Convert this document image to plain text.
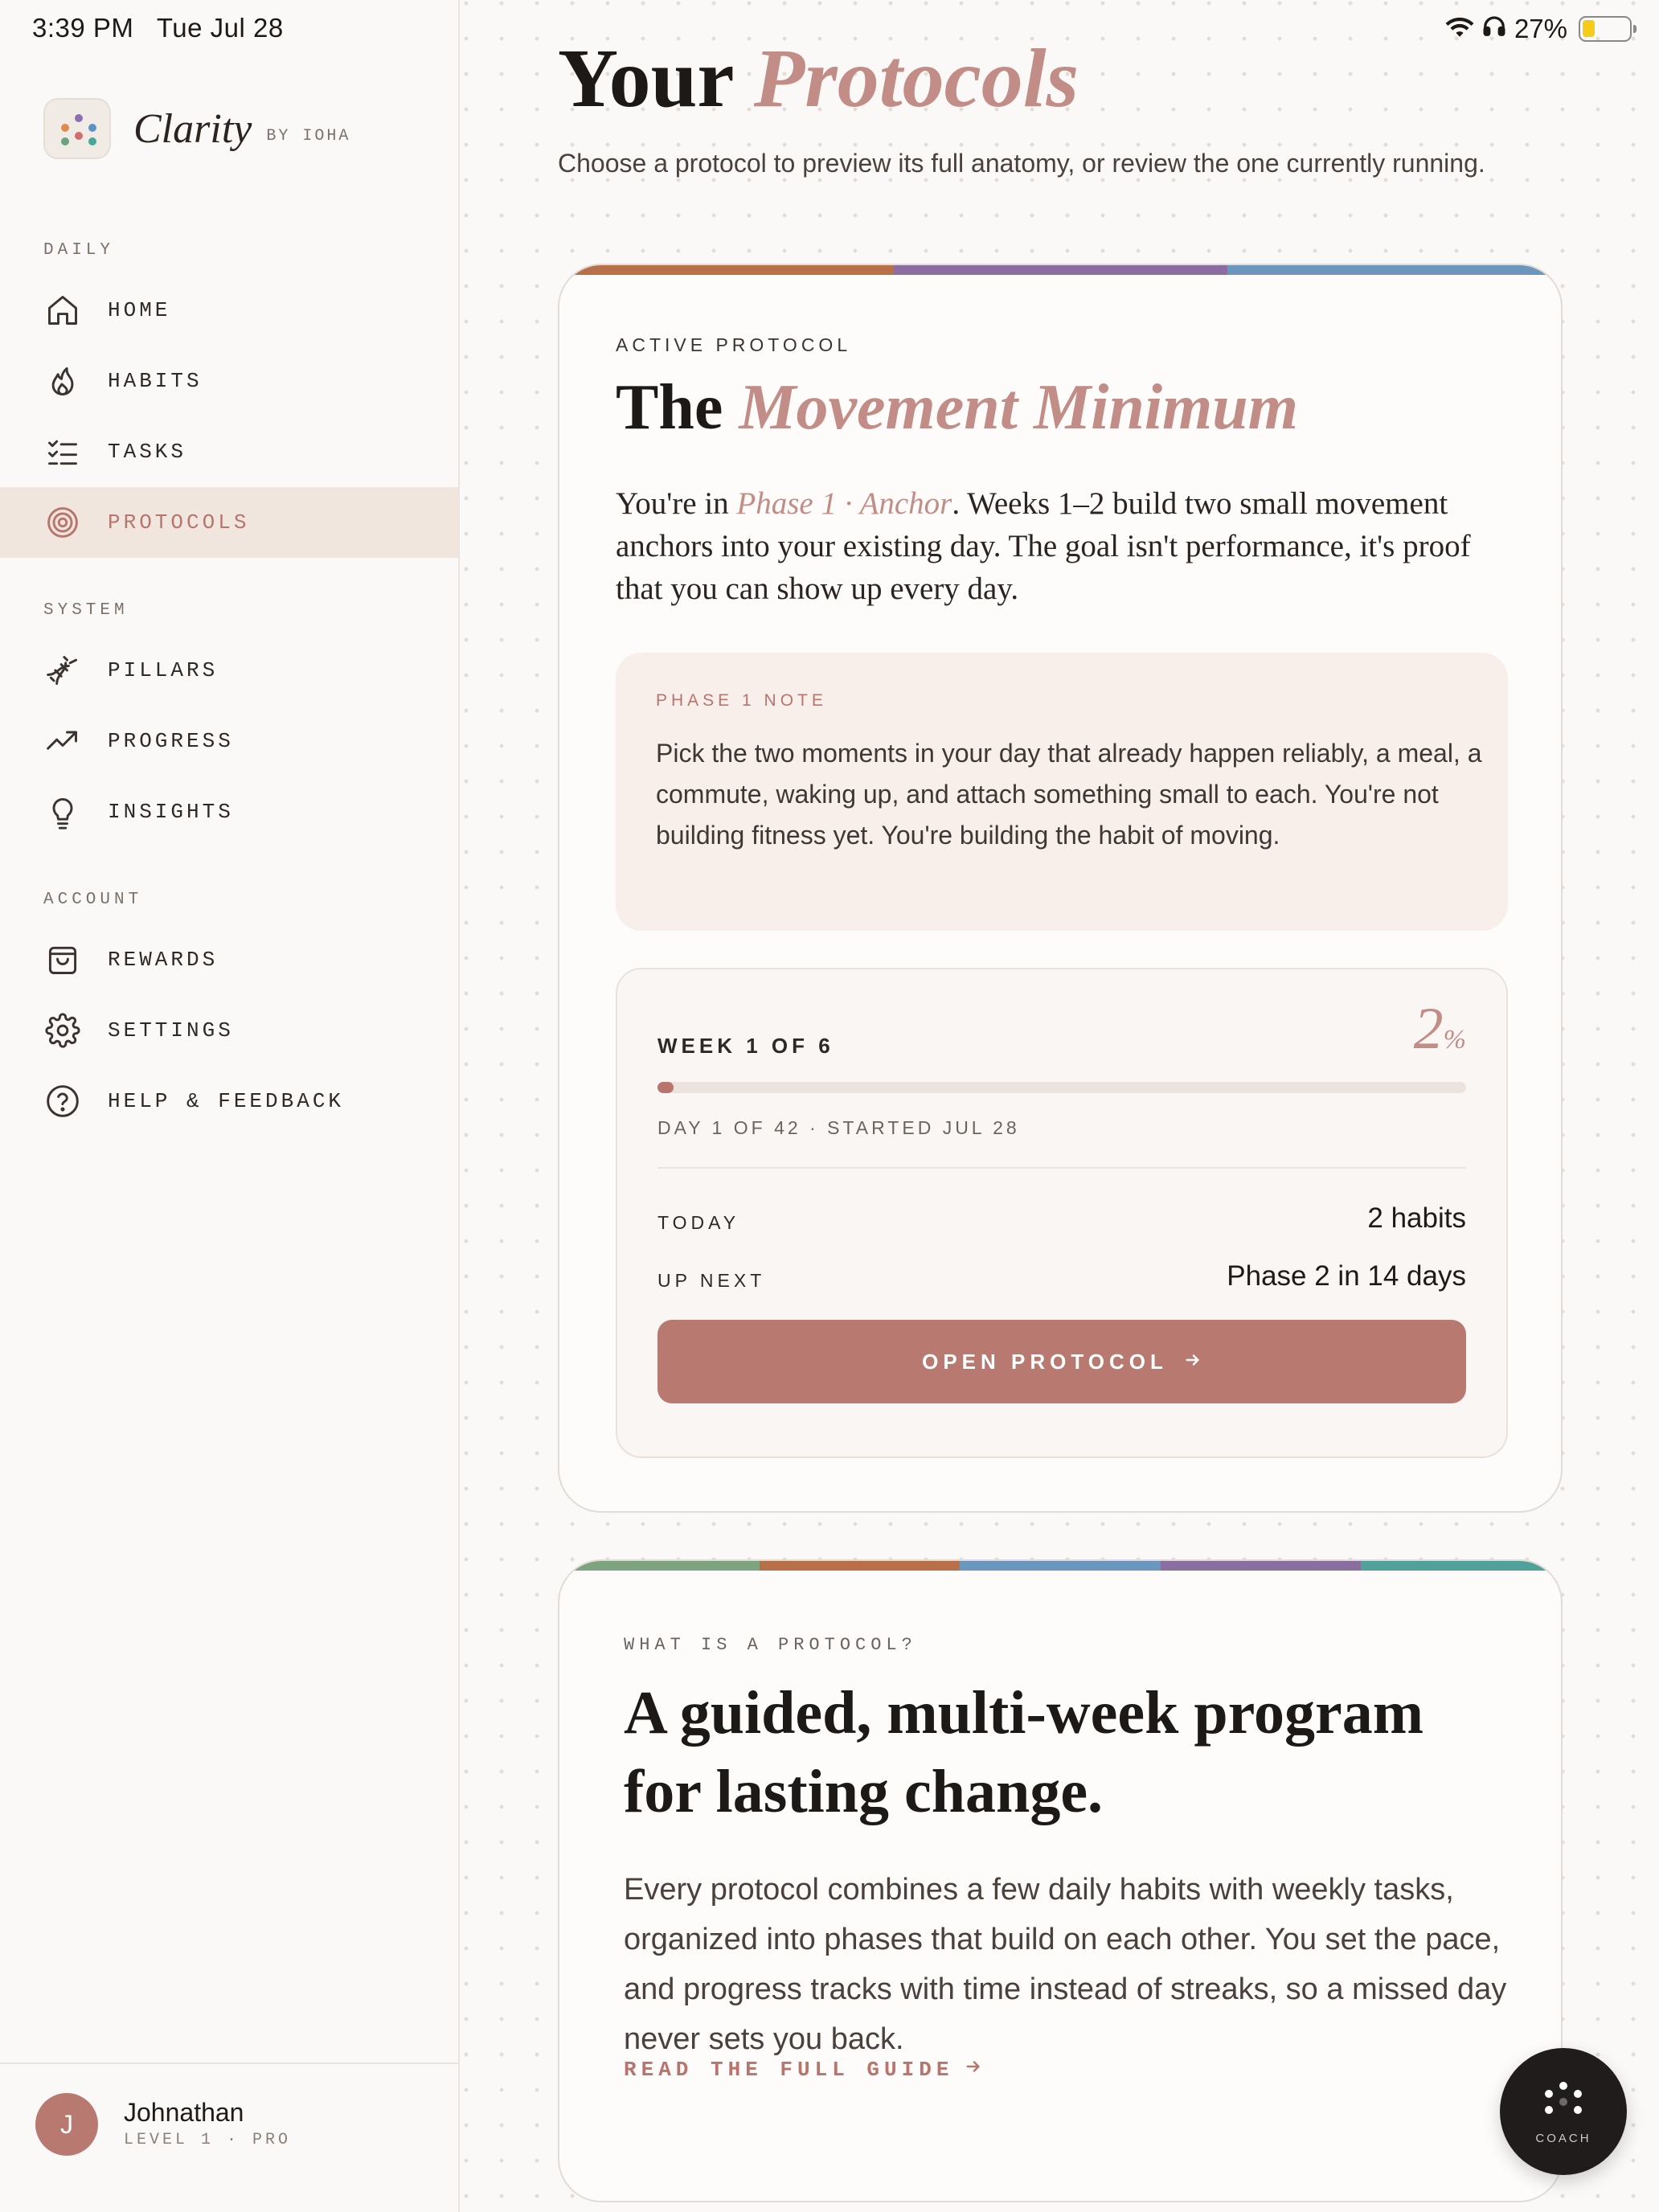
3:39 PM Tue Jul 28
Clarity BY IOHA
DAILY
HOME
HABITS
TASKS
PROTOCOLS
SYSTEM
PILLARS
PROGRESS
INSIGHTS
ACCOUNT
REWARDS
SETTINGS
HELP & FEEDBACK
J	Johnathan
LEVEL 1 · PRO
27%
Your Protocols

Choose a protocol to preview its full anatomy, or review the one currently running.

ACTIVE PROTOCOL
The Movement Minimum

You're in Phase 1 · Anchor. Weeks 1–2 build two small movement anchors into your existing day. The goal isn't performance, it's proof that you can show up every day.

PHASE 1 NOTE
Pick the two moments in your day that already happen reliably, a meal, a commute, waking up, and attach something small to each. You're not building fitness yet. You're building the habit of moving.
WEEK 1 OF 6	2%
DAY 1 OF 42 · STARTED JUL 28
TODAY	2 habits
UP NEXT	Phase 2 in 14 days
OPEN PROTOCOL
WHAT IS A PROTOCOL?
A guided, multi-week program for lasting change.

Every protocol combines a few daily habits with weekly tasks, organized into phases that build on each other. You set the pace, and progress tracks with time instead of streaks, so a missed day never sets you back.

READ THE FULL GUIDE
COACH
